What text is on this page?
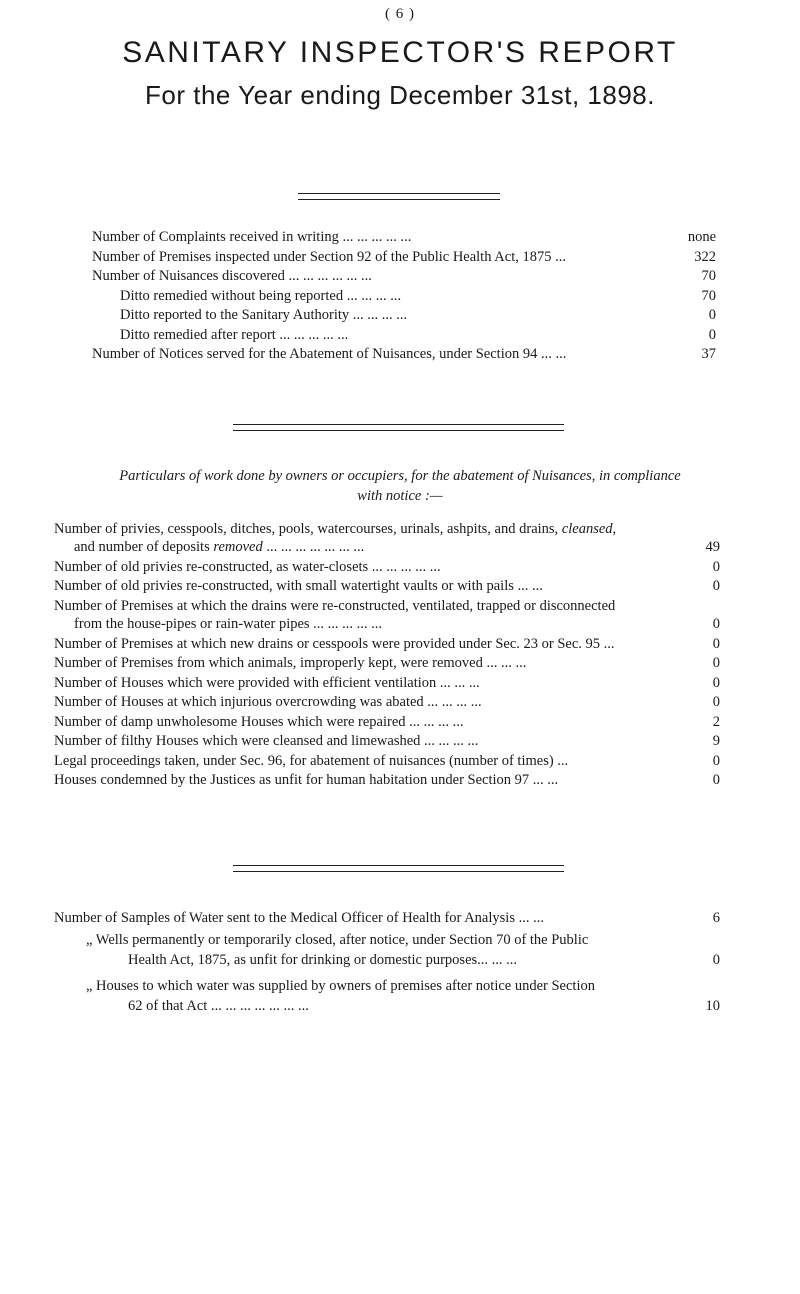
( 6 )
SANITARY INSPECTOR'S REPORT
For the Year ending December 31st, 1898.
Number of Complaints received in writing ... ... ... ... ...	none
Number of Premises inspected under Section 92 of the Public Health Act, 1875 ...	322
Number of Nuisances discovered ... ... ... ... ... ...	70
Ditto remedied without being reported ... ... ... ...	70
Ditto reported to the Sanitary Authority ... ... ... ...	0
Ditto remedied after report ... ... ... ... ...	0
Number of Notices served for the Abatement of Nuisances, under Section 94 ... ...	37
Particulars of work done by owners or occupiers, for the abatement of Nuisances, in compliance
with notice :—
Number of privies, cesspools, ditches, pools, watercourses, urinals, ashpits, and drains, cleansed,
and number of deposits removed ... ... ... ... ... ... ...	49
Number of old privies re-constructed, as water-closets ... ... ... ... ...	0
Number of old privies re-constructed, with small watertight vaults or with pails ... ...	0
Number of Premises at which the drains were re-constructed, ventilated, trapped or disconnected
from the house-pipes or rain-water pipes ... ... ... ... ...	0
Number of Premises at which new drains or cesspools were provided under Sec. 23 or Sec. 95 ...	0
Number of Premises from which animals, improperly kept, were removed ... ... ...	0
Number of Houses which were provided with efficient ventilation ... ... ...	0
Number of Houses at which injurious overcrowding was abated ... ... ... ...	0
Number of damp unwholesome Houses which were repaired ... ... ... ...	2
Number of filthy Houses which were cleansed and limewashed ... ... ... ...	9
Legal proceedings taken, under Sec. 96, for abatement of nuisances (number of times) ...	0
Houses condemned by the Justices as unfit for human habitation under Section 97 ... ...	0
Number of Samples of Water sent to the Medical Officer of Health for Analysis ... ...	6
„ Wells permanently or temporarily closed, after notice, under Section 70 of the Public
Health Act, 1875, as unfit for drinking or domestic purposes... ... ...	0
„ Houses to which water was supplied by owners of premises after notice under Section
62 of that Act ... ... ... ... ... ... ...	10
